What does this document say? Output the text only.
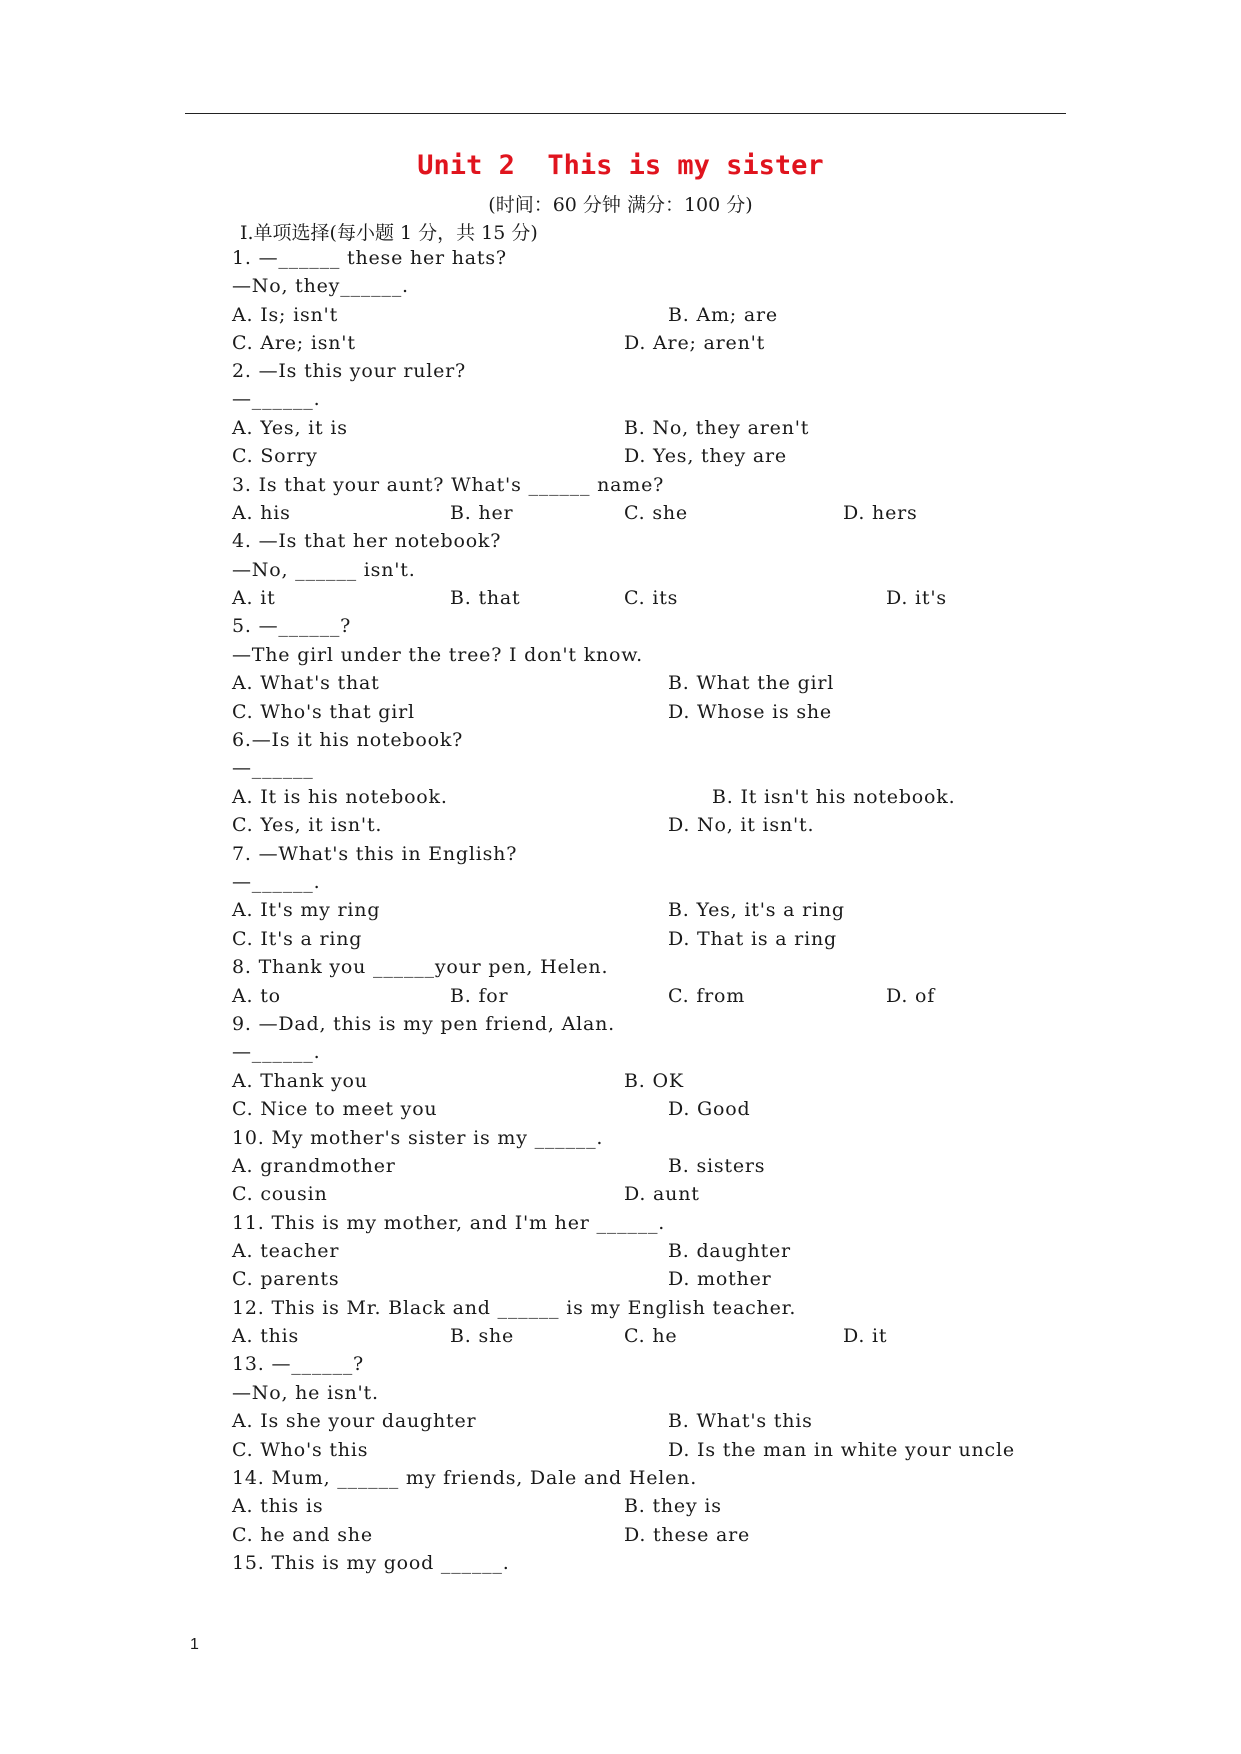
Unit 2  This is my sister
(时间：60 分钟 满分：100 分)
Ⅰ.单项选择(每小题 1 分，共 15 分)
1. —______ these her hats?
—No, they______.
A. Is; isn't	B. Am; are
C. Are; isn't	D. Are; aren't
2. —Is this your ruler?
—______.
A. Yes, it is	B. No, they aren't
C. Sorry	D. Yes, they are
3. Is that your aunt? What's ______ name?
A. his	B. her	C. she	D. hers
4. —Is that her notebook?
—No, ______ isn't.
A. it	B. that	C. its	D. it's
5. —______?
—The girl under the tree? I don't know.
A. What's that	B. What the girl
C. Who's that girl	D. Whose is she
6.—Is it his notebook?
—______
A. It is his notebook.	B. It isn't his notebook.
C. Yes, it isn't.	D. No, it isn't.
7. —What's this in English?
—______.
A. It's my ring	B. Yes, it's a ring
C. It's a ring	D. That is a ring
8. Thank you ______your pen, Helen.
A. to	B. for	C. from	D. of
9. —Dad, this is my pen friend, Alan.
—______.
A. Thank you	B. OK
C. Nice to meet you	D. Good
10. My mother's sister is my ______.
A. grandmother	B. sisters
C. cousin	D. aunt
11. This is my mother, and I'm her ______.
A. teacher	B. daughter
C. parents	D. mother
12. This is Mr. Black and ______ is my English teacher.
A. this	B. she	C. he	D. it
13. —______?
—No, he isn't.
A. Is she your daughter	B. What's this
C. Who's this	D. Is the man in white your uncle
14. Mum, ______ my friends, Dale and Helen.
A. this is	B. they is
C. he and she	D. these are
15. This is my good ______.
1
